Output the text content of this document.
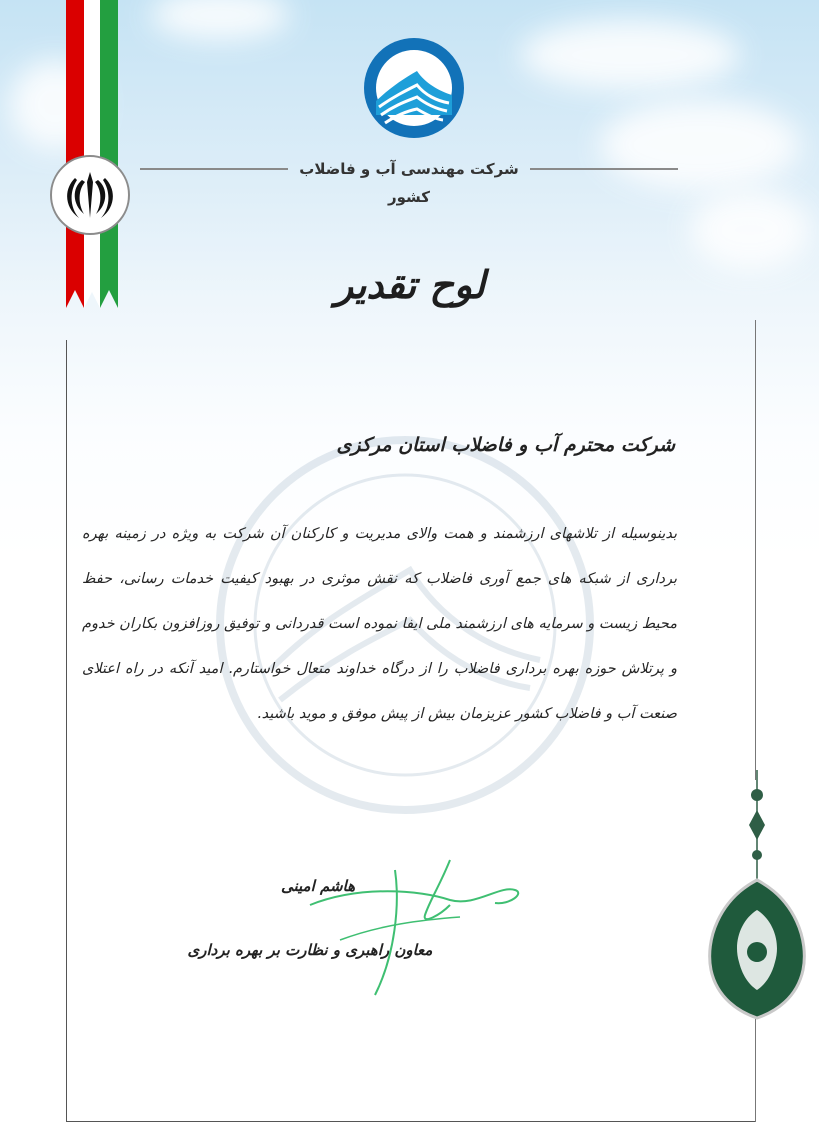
شرکت مهندسی آب و فاضلاب کشور
لوح تقدیر
شرکت محترم آب و فاضلاب استان مرکزی
بدینوسیله از تلاشهای ارزشمند و همت والای مدیریت و کارکنان آن شرکت به ویژه در زمینه بهره برداری از شبکه های جمع آوری فاضلاب که نقش موثری در بهبود کیفیت خدمات رسانی، حفظ محیط زیست و سرمایه های ارزشمند ملی ایفا نموده است قدردانی و توفیق روزافزون بکاران خدوم و پرتلاش حوزه بهره برداری فاضلاب را از درگاه خداوند متعال خواستارم. امید آنکه در راه اعتلای صنعت آب و فاضلاب کشور عزیزمان بیش از پیش موفق و موید باشید.
هاشم امینی
معاون راهبری و نظارت بر بهره برداری
